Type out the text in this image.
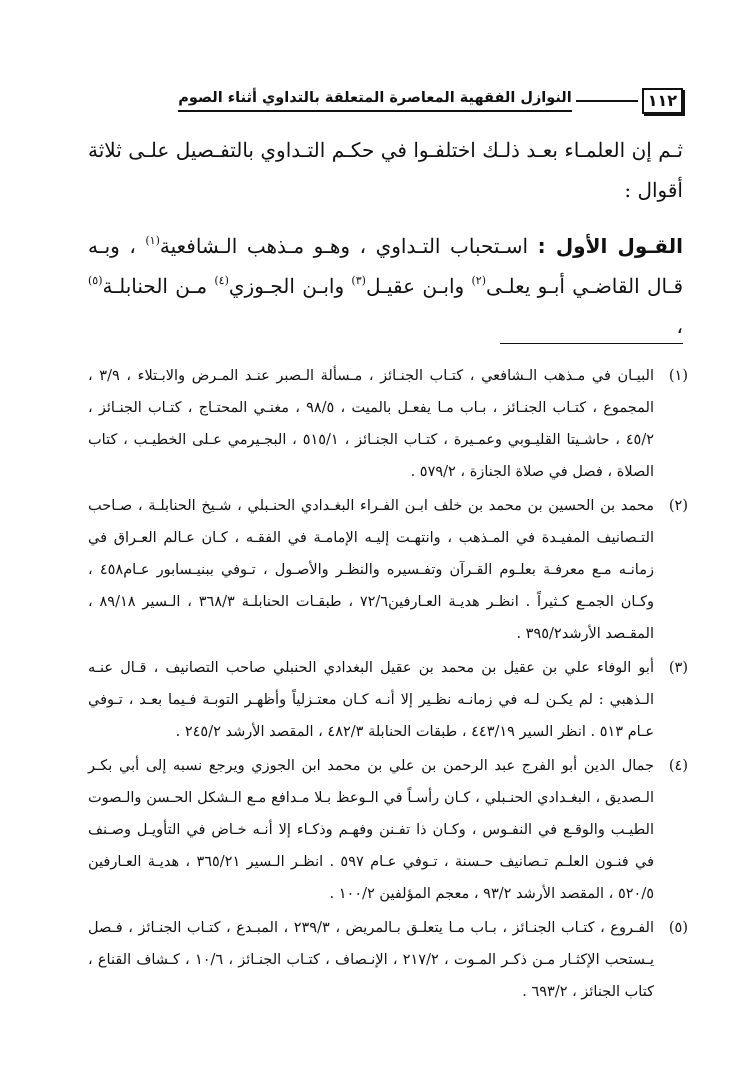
١١٢
النوازل الفقهية المعاصرة المتعلقة بالتداوي أثناء الصوم

ثـم إن العلمـاء بعـد ذلـك اختلفـوا في حكـم التـداوي بالتفـصيل علـى ثلاثة أقوال :

القـول الأول : اسـتحباب التـداوي ، وهـو مـذهب الـشافعية$^{(١)}$ ، وبـه قـال القاضـي أبـو يعلـى$^{(٢)}$ وابـن عقيـل$^{(٣)}$ وابـن الجـوزي$^{(٤)}$ مـن الحنابلـة$^{(٥)}$ ،

(١)
البيـان في مـذهب الـشافعي ، كتـاب الجنـائز ، مـسألة الـصبر عنـد المـرض والابـتلاء ، ٣/٩ ، المجموع ، كتـاب الجنـائز ، بـاب مـا يفعـل بالميت ، ٩٨/٥ ، مغنـي المحتـاج ، كتـاب الجنـائز ، ٤٥/٢ ، حاشـيتا القليـوبي وعمـيرة ، كتـاب الجنـائز ، ٥١٥/١ ، البجـيرمي عـلى الخطيـب ، كتاب الصلاة ، فصل في صلاة الجنازة ، ٥٧٩/٢ .
(٢)
محمد بن الحسين بن محمد بن خلف ابـن الفـراء البغـدادي الحنـبلي ، شـيخ الحنابلـة ، صـاحب التـصانيف المفيـدة في المـذهب ، وانتهـت إليـه الإمامـة في الفقـه ، كـان عـالم العـراق في زمانـه مـع معرفـة بعلـوم القـرآن وتفـسيره والنظـر والأصـول ، تـوفي ببنيـسابور عـام٤٥٨ ، وكـان الجمـع كـثيراً . انظـر هديـة العـارفين٧٢/٦ ، طبقـات الحنابلـة ٣٦٨/٣ ، الـسير ٨٩/١٨ ، المقـصد الأرشد٣٩٥/٢ .
(٣)
أبو الوفاء علي بن عقيل بن محمد بن عقيل البغدادي الحنبلي صاحب التصانيف ، قـال عنـه الـذهبي : لم يكـن لـه في زمانـه نظـير إلا أنـه كـان معتـزلياً وأظهـر التوبـة فـيما بعـد ، تـوفي عـام ٥١٣ . انظر السير ٤٤٣/١٩ ، طبقات الحنابلة ٤٨٢/٣ ، المقصد الأرشد ٢٤٥/٢ .
(٤)
جمال الدين أبو الفرج عبد الرحمن بن علي بن محمد ابن الجوزي ويرجع نسبه إلى أبي بكـر الـصديق ، البغـدادي الحنـبلي ، كـان رأسـاً في الـوعظ بـلا مـدافع مـع الـشكل الحـسن والـصوت الطيـب والوقـع في النفـوس ، وكـان ذا تفـنن وفهـم وذكـاء إلا أنـه خـاض في التأويـل وصـنف في فنـون العلـم تـصانيف حـسنة ، تـوفي عـام ٥٩٧ . انظـر الـسير ٣٦٥/٢١ ، هديـة العـارفين ٥٢٠/٥ ، المقصد الأرشد ٩٣/٢ ، معجم المؤلفين ١٠٠/٢ .
(٥)
الفـروع ، كتـاب الجنـائز ، بـاب مـا يتعلـق بـالمريض ، ٢٣٩/٣ ، المبـدع ، كتـاب الجنـائز ، فـصل يـستحب الإكثـار مـن ذكـر المـوت ، ٢١٧/٢ ، الإنـصاف ، كتـاب الجنـائز ، ١٠/٦ ، كـشاف القناع ، كتاب الجنائز ، ٦٩٣/٢ .
